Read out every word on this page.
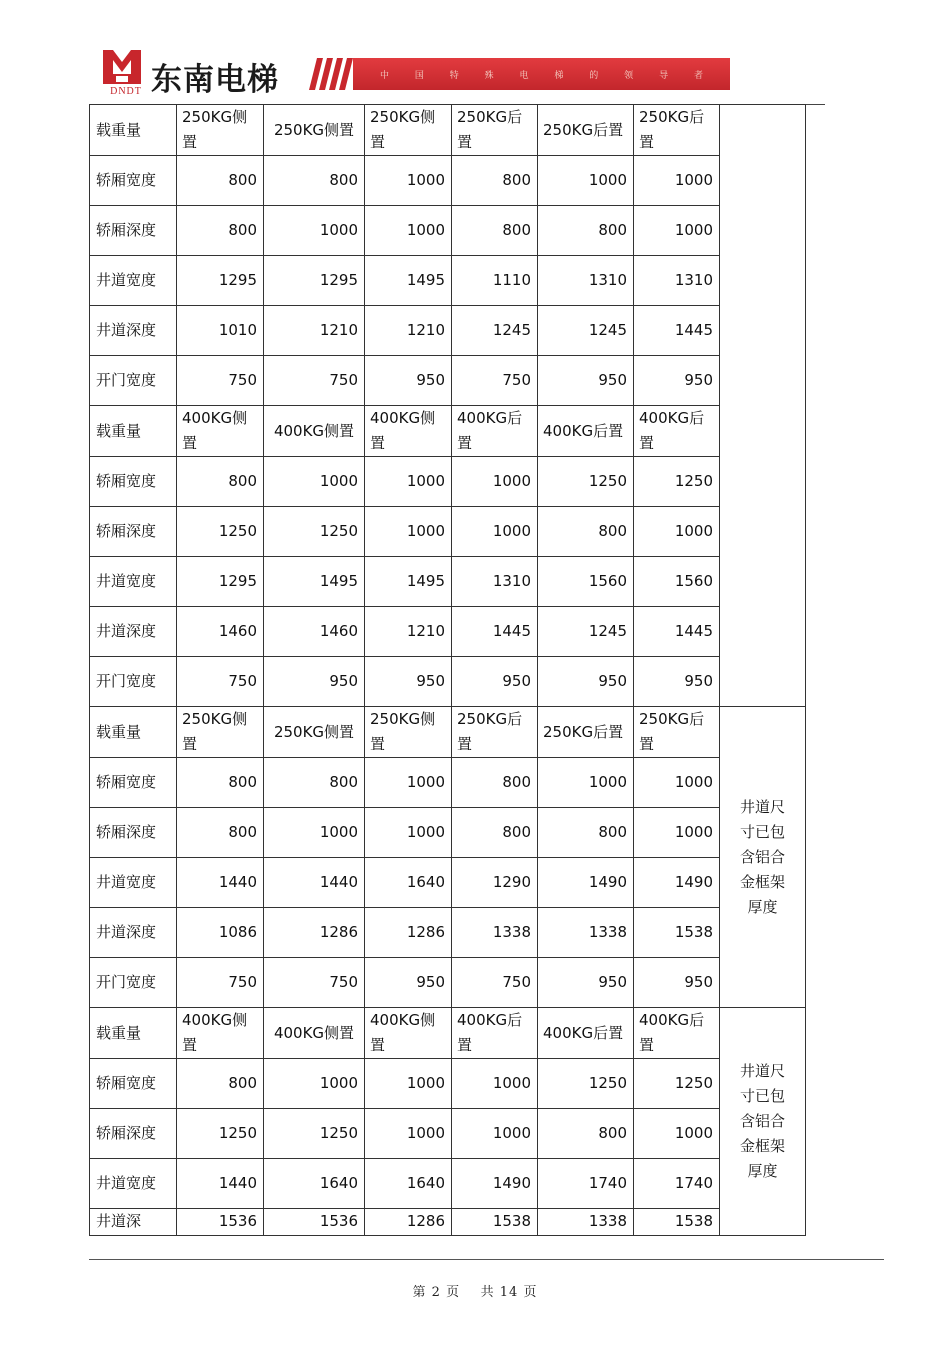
DNDT 东南电梯	中	国	特	殊	电	梯	的	领	导	者
载重量	250KG侧置	250KG侧置	250KG侧置	250KG后置	250KG后置	250KG后置	
轿厢宽度	800	800	1000	800	1000	1000	
轿厢深度	800	1000	1000	800	800	1000	
井道宽度	1295	1295	1495	1110	1310	1310	
井道深度	1010	1210	1210	1245	1245	1445	
开门宽度	750	750	950	750	950	950	
载重量	400KG侧置	400KG侧置	400KG侧置	400KG后置	400KG后置	400KG后置	
轿厢宽度	800	1000	1000	1000	1250	1250	
轿厢深度	1250	1250	1000	1000	800	1000	
井道宽度	1295	1495	1495	1310	1560	1560	
井道深度	1460	1460	1210	1445	1245	1445	
开门宽度	750	950	950	950	950	950	
载重量	250KG侧置	250KG侧置	250KG侧置	250KG后置	250KG后置	250KG后置	井道尺
寸已包
含铝合
金框架
厚度

轿厢宽度	800	800	1000	800	1000	1000	
轿厢深度	800	1000	1000	800	800	1000	
井道宽度	1440	1440	1640	1290	1490	1490	
井道深度	1086	1286	1286	1338	1338	1538	
开门宽度	750	750	950	750	950	950	
载重量	400KG侧置	400KG侧置	400KG侧置	400KG后置	400KG后置	400KG后置	井道尺
寸已包
含铝合
金框架
厚度

轿厢宽度	800	1000	1000	1000	1250	1250	
轿厢深度	1250	1250	1000	1000	800	1000	
井道宽度	1440	1640	1640	1490	1740	1740	
井道深	1536	1536	1286	1538	1338	1538	
第 2 页 共 14 页
